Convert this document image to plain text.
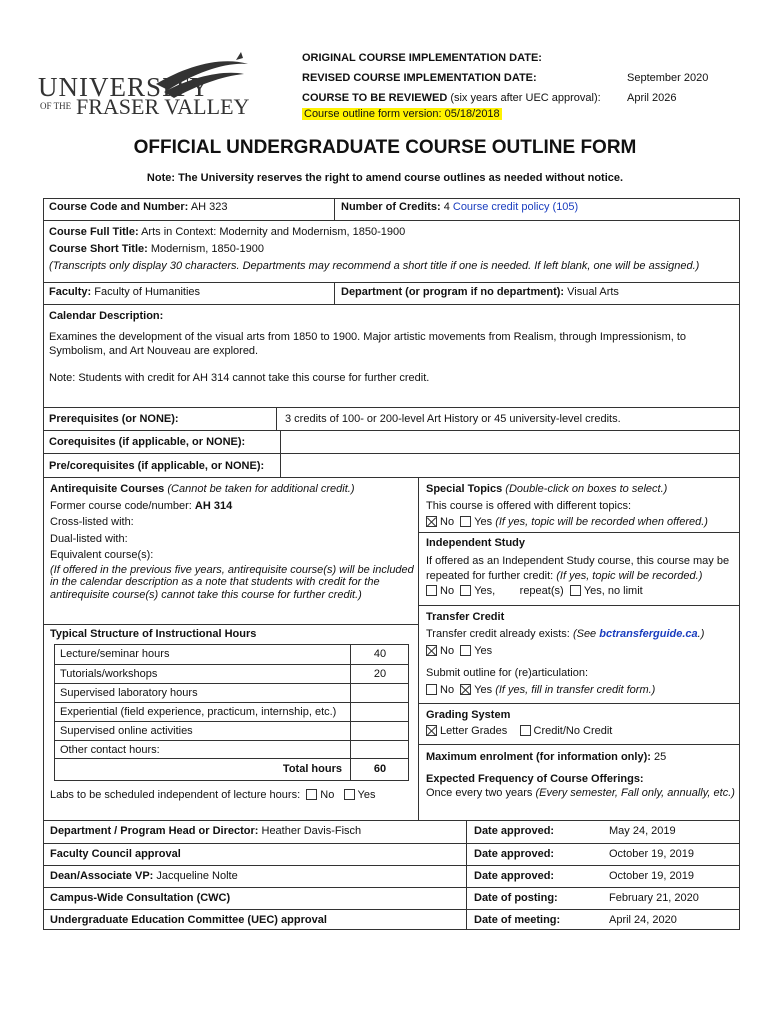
UNIVERSITY
OF THE FRASER VALLEY
ORIGINAL COURSE IMPLEMENTATION DATE:
REVISED COURSE IMPLEMENTATION DATE:	September 2020
COURSE TO BE REVIEWED (six years after UEC approval): April 2026
Course outline form version: 05/18/2018
OFFICIAL UNDERGRADUATE COURSE OUTLINE FORM
Note: The University reserves the right to amend course outlines as needed without notice.
Course Code and Number: AH 323	Number of Credits: 4 Course credit policy (105)
Course Full Title: Arts in Context: Modernity and Modernism, 1850-1900
Course Short Title: Modernism, 1850-1900
(Transcripts only display 30 characters. Departments may recommend a short title if one is needed. If left blank, one will be assigned.)
Faculty: Faculty of Humanities	Department (or program if no department): Visual Arts
Calendar Description:
Examines the development of the visual arts from 1850 to 1900. Major artistic movements from Realism, through Impressionism, to Symbolism, and Art Nouveau are explored.
Note: Students with credit for AH 314 cannot take this course for further credit.
Prerequisites (or NONE):	3 credits of 100- or 200-level Art History or 45 university-level credits.
Corequisites (if applicable, or NONE):
Pre/corequisites (if applicable, or NONE):
Antirequisite Courses (Cannot be taken for additional credit.)
Former course code/number: AH 314
Cross-listed with:
Dual-listed with:
Equivalent course(s):
(If offered in the previous five years, antirequisite course(s) will be included in the calendar description as a note that students with credit for the antirequisite course(s) cannot take this course for further credit.)
Typical Structure of Instructional Hours
Lecture/seminar hours	40
Tutorials/workshops	20
Supervised laboratory hours
Experiential (field experience, practicum, internship, etc.)
Supervised online activities
Other contact hours:
Total hours	60
Labs to be scheduled independent of lecture hours: No Yes
Special Topics (Double-click on boxes to select.)
This course is offered with different topics:
No Yes (If yes, topic will be recorded when offered.)
Independent Study
If offered as an Independent Study course, this course may be repeated for further credit: (If yes, topic will be recorded.)
No Yes, repeat(s) Yes, no limit
Transfer Credit
Transfer credit already exists: (See bctransferguide.ca.)
No Yes
Submit outline for (re)articulation:
No Yes (If yes, fill in transfer credit form.)
Grading System
Letter Grades Credit/No Credit
Maximum enrolment (for information only): 25
Expected Frequency of Course Offerings:
Once every two years (Every semester, Fall only, annually, etc.)
Department / Program Head or Director: Heather Davis-Fisch	Date approved:	May 24, 2019
Faculty Council approval	Date approved:	October 19, 2019
Dean/Associate VP: Jacqueline Nolte	Date approved:	October 19, 2019
Campus-Wide Consultation (CWC)	Date of posting:	February 21, 2020
Undergraduate Education Committee (UEC) approval	Date of meeting:	April 24, 2020
